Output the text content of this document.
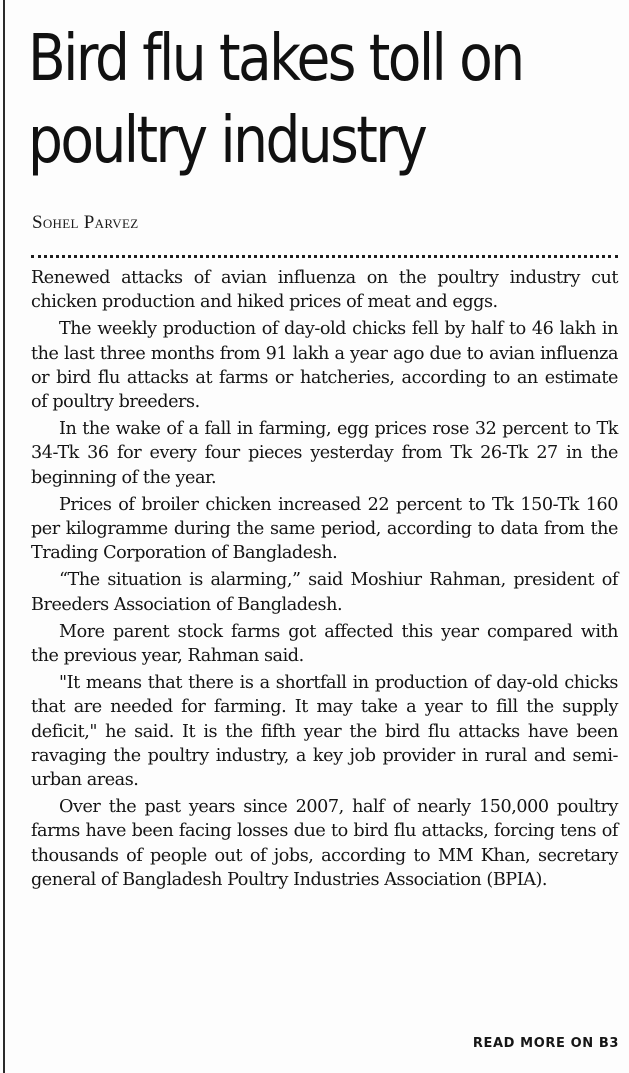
Bird flu takes toll on
poultry industry
Sohel Parvez

Renewed attacks of avian influenza on the poultry industry cut chicken production and hiked prices of meat and eggs.

The weekly production of day-old chicks fell by half to 46 lakh in the last three months from 91 lakh a year ago due to avian influenza or bird flu attacks at farms or hatcheries, according to an estimate of poultry breeders.

In the wake of a fall in farming, egg prices rose 32 percent to Tk 34-Tk 36 for every four pieces yesterday from Tk 26-Tk 27 in the beginning of the year.

Prices of broiler chicken increased 22 percent to Tk 150-Tk 160 per kilogramme during the same period, according to data from the Trading Corporation of Bangladesh.

“The situation is alarming,” said Moshiur Rahman, president of Breeders Association of Bangladesh.

More parent stock farms got affected this year compared with the previous year, Rahman said.

"It means that there is a shortfall in production of day-old chicks that are needed for farming. It may take a year to fill the supply deficit," he said. It is the fifth year the bird flu attacks have been ravaging the poultry industry, a key job provider in rural and semi-urban areas.

Over the past years since 2007, half of nearly 150,000 poultry farms have been facing losses due to bird flu attacks, forcing tens of thousands of people out of jobs, according to MM Khan, secretary general of Bangladesh Poultry Industries Association (BPIA).

READ MORE ON B3
